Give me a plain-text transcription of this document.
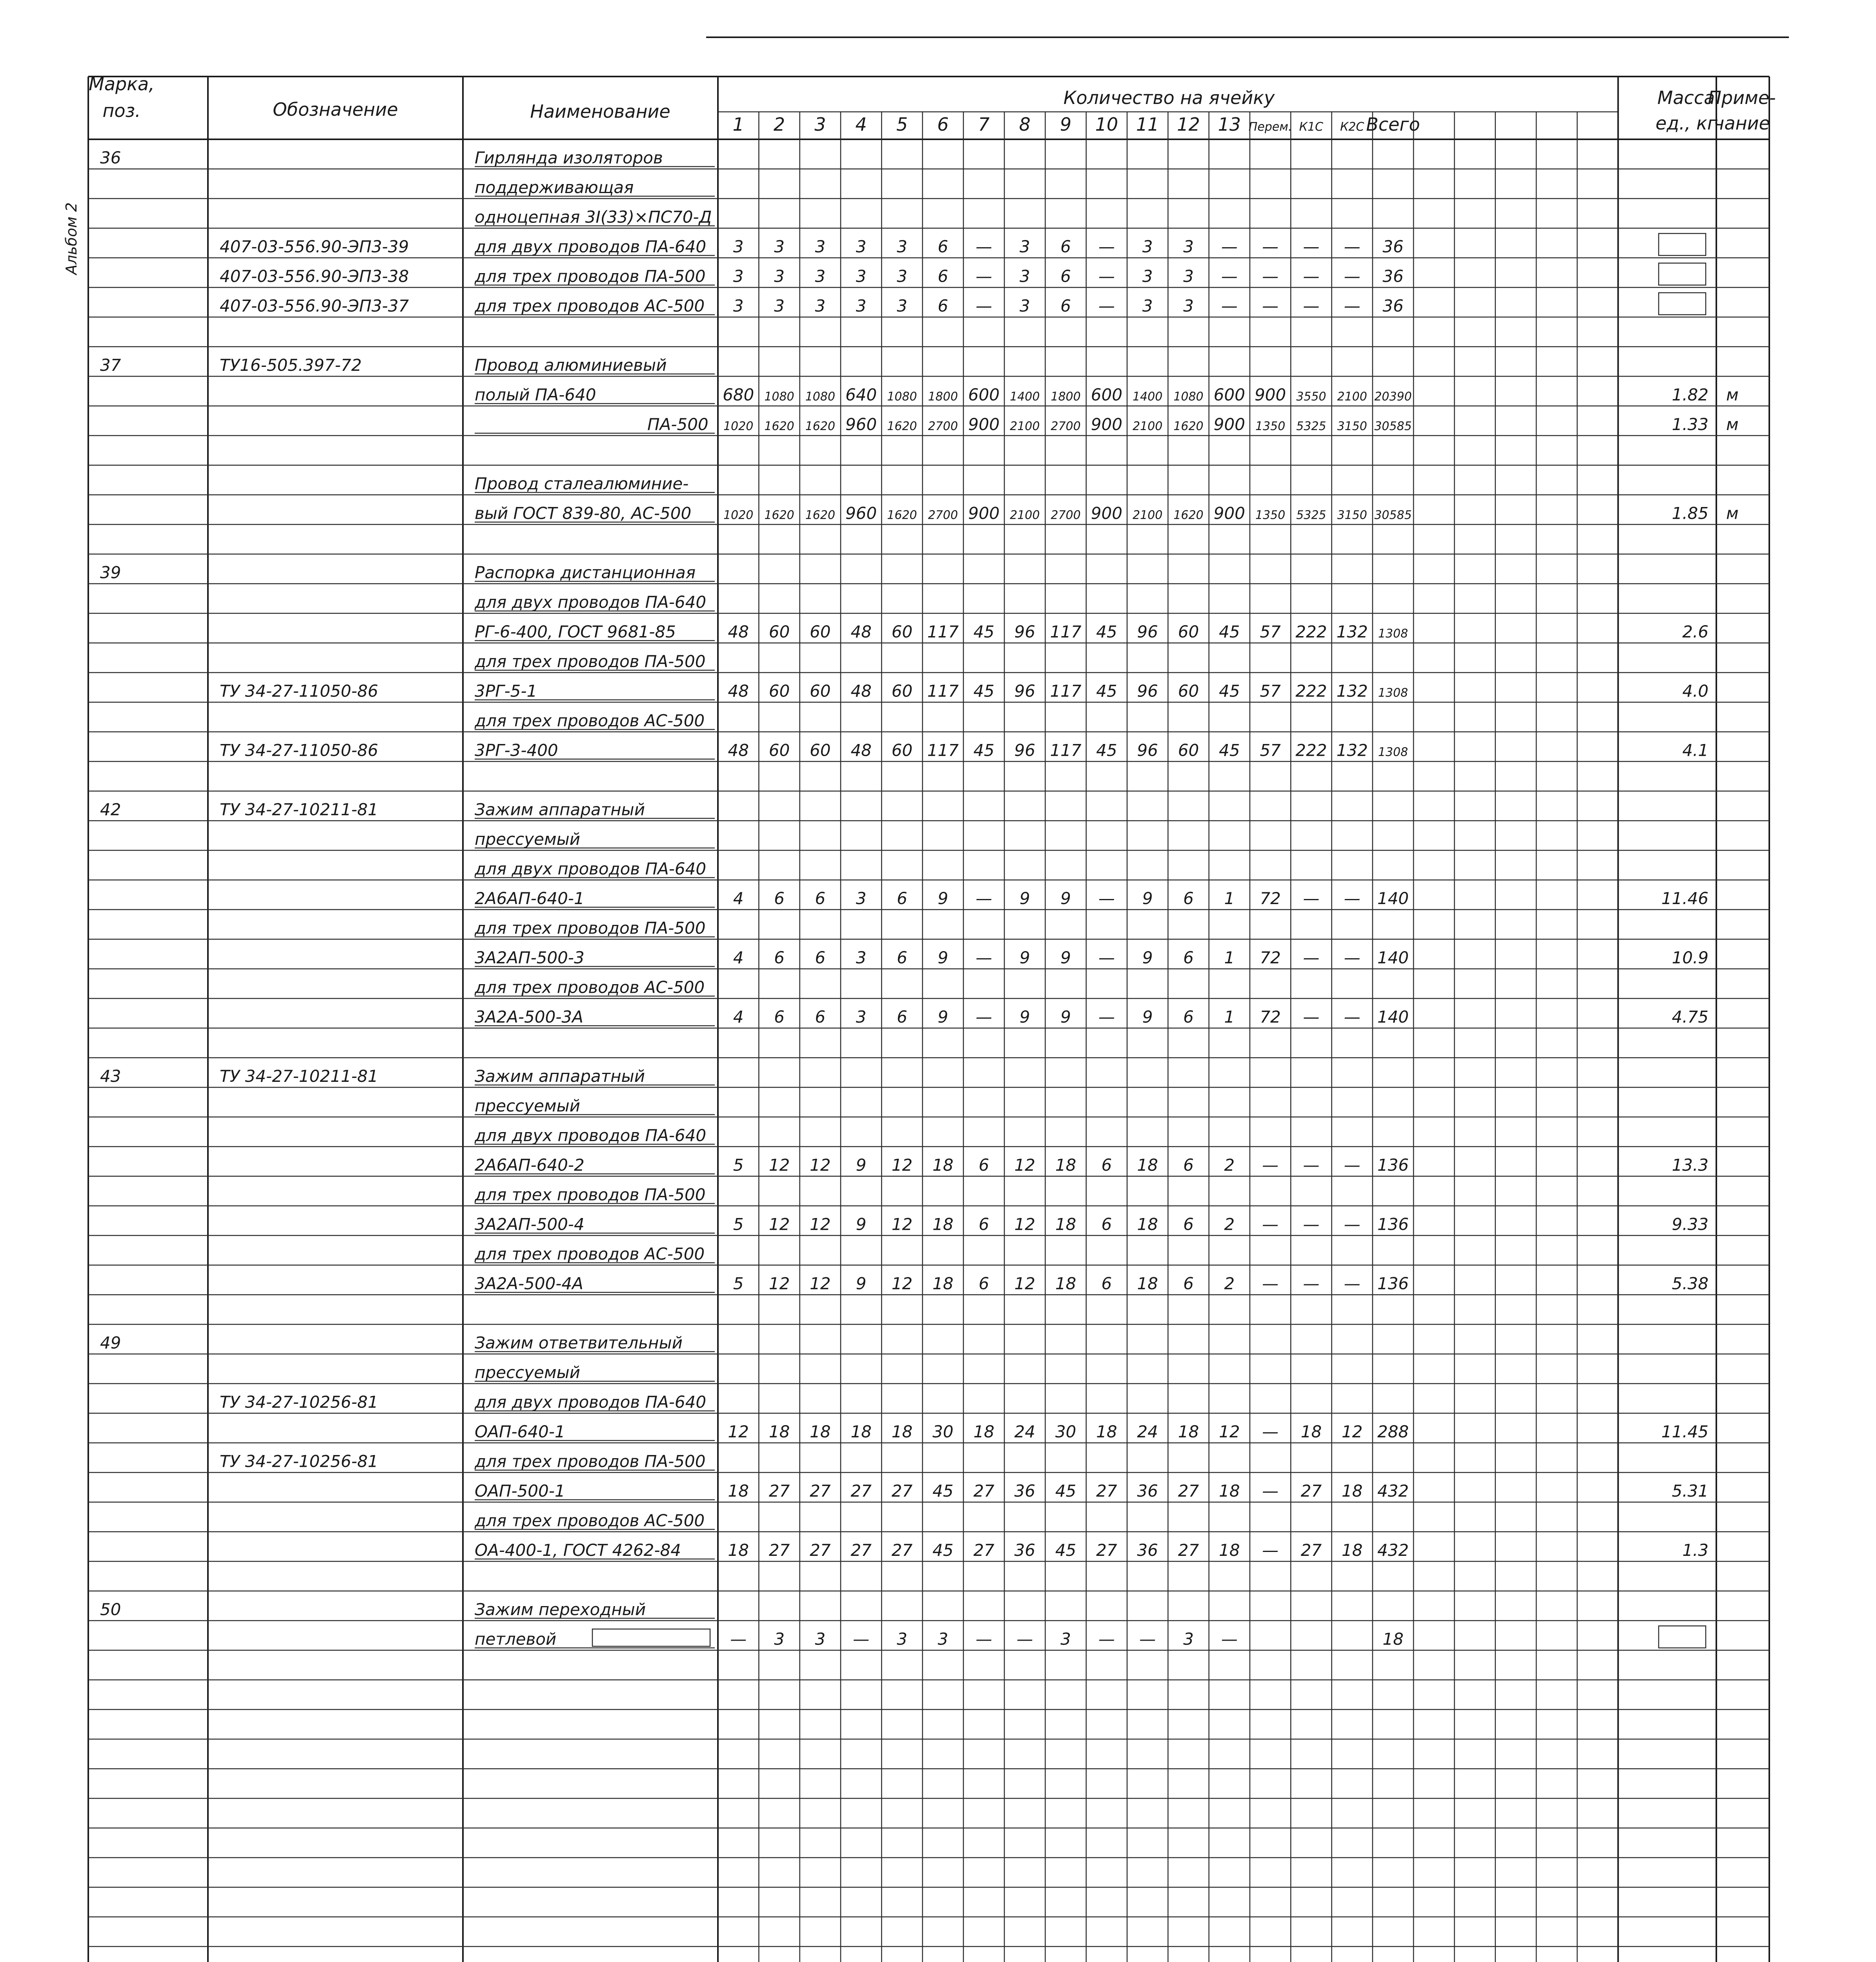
1 2 3 4 5 6 7 8 9 10 11 12 13 Перем. К1С К2С Всего
36	Гирлянда изоляторов
поддерживающая
одноцепная 3I(33)×ПС70-Д
407-03-556.90-ЭП3-39	для двух проводов ПА-640 3 3 3 3 3 6 — 3 6 — 3 3 — — — — 36
407-03-556.90-ЭП3-38	для трех проводов ПА-500 3 3 3 3 3 6 — 3 6 — 3 3 — — — — 36
407-03-556.90-ЭП3-37	для трех проводов АС-500 3 3 3 3 3 6 — 3 6 — 3 3 — — — — 36
37	ТУ16-505.397-72	Провод алюминиевый
полый ПА-640	680 1080 1080 640 1080 1800 600 1400 1800 600 1400 1080 600 900 3550 2100 20390	1.82 м
ПА-500 1020 1620 1620 960 1620 2700 900 2100 2700 900 2100 1620 900 1350 5325 3150 30585	1.33 м
Провод сталеалюминие-
вый ГОСТ 839-80, АС-500	1020 1620 1620 960 1620 2700 900 2100 2700 900 2100 1620 900 1350 5325 3150 30585	1.85 м
39	Распорка дистанционная
для двух проводов ПА-640
РГ-6-400, ГОСТ 9681-85	48 60 60 48 60 117 45 96 117 45 96 60 45 57 222 132 1308	2.6
для трех проводов ПА-500
ТУ 34-27-11050-86	3РГ-5-1	48 60 60 48 60 117 45 96 117 45 96 60 45 57 222 132 1308	4.0
для трех проводов АС-500
ТУ 34-27-11050-86	3РГ-3-400	48 60 60 48 60 117 45 96 117 45 96 60 45 57 222 132 1308	4.1
42	ТУ 34-27-10211-81	Зажим аппаратный
прессуемый
для двух проводов ПА-640
2А6АП-640-1	4 6 6 3 6 9 — 9 9 — 9 6 1 72 — — 140	11.46
для трех проводов ПА-500
3А2АП-500-3	4 6 6 3 6 9 — 9 9 — 9 6 1 72 — — 140	10.9
для трех проводов АС-500
3А2А-500-3А	4 6 6 3 6 9 — 9 9 — 9 6 1 72 — — 140	4.75
43	ТУ 34-27-10211-81	Зажим аппаратный
прессуемый
для двух проводов ПА-640
2А6АП-640-2	5 12 12 9 12 18 6 12 18 6 18 6 2 — — — 136	13.3
для трех проводов ПА-500
3А2АП-500-4	5 12 12 9 12 18 6 12 18 6 18 6 2 — — — 136	9.33
для трех проводов АС-500
3А2А-500-4А	5 12 12 9 12 18 6 12 18 6 18 6 2 — — — 136	5.38
49	Зажим ответвительный
прессуемый
ТУ 34-27-10256-81	для двух проводов ПА-640
ОАП-640-1	12 18 18 18 18 30 18 24 30 18 24 18 12 — 18 12 288	11.45
ТУ 34-27-10256-81	для трех проводов ПА-500
ОАП-500-1	18 27 27 27 27 45 27 36 45 27 36 27 18 — 27 18 432	5.31
для трех проводов АС-500
ОА-400-1, ГОСТ 4262-84	18 27 27 27 27 45 27 36 45 27 36 27 18 — 27 18 432	1.3
50	Зажим переходный
петлевой	— 3 3 — 3 3 — — 3 — — 3 —	18
Марка,
поз.	Обозначение	Наименование
Количество на ячейку	Масса
ед., кг
Приме-
чание
Альбом 2
